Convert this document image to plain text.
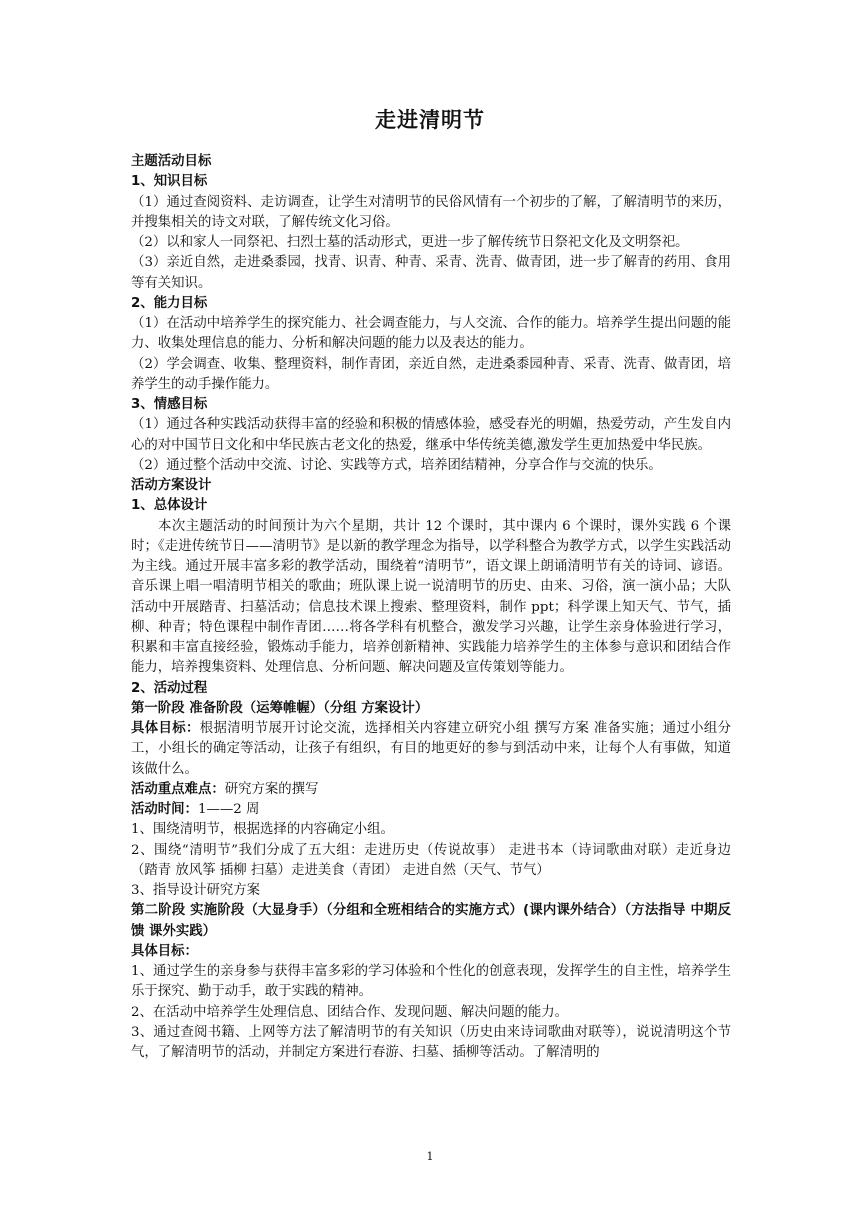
走进清明节

主题活动目标

1、知识目标

（1）通过查阅资料、走访调查，让学生对清明节的民俗风情有一个初步的了解，了解清明节的来历，并搜集相关的诗文对联，了解传统文化习俗。

（2）以和家人一同祭祀、扫烈士墓的活动形式，更进一步了解传统节日祭祀文化及文明祭祀。

（3）亲近自然，走进桑黍园，找青、识青、种青、采青、洗青、做青团，进一步了解青的药用、食用等有关知识。

2、能力目标

（1）在活动中培养学生的探究能力、社会调查能力，与人交流、合作的能力。培养学生提出问题的能力、收集处理信息的能力、分析和解决问题的能力以及表达的能力。

（2）学会调查、收集、整理资料，制作青团，亲近自然，走进桑黍园种青、采青、洗青、做青团，培养学生的动手操作能力。

3、情感目标

（1）通过各种实践活动获得丰富的经验和积极的情感体验，感受春光的明媚，热爱劳动，产生发自内心的对中国节日文化和中华民族古老文化的热爱，继承中华传统美德,激发学生更加热爱中华民族。

（2）通过整个活动中交流、讨论、实践等方式，培养团结精神，分享合作与交流的快乐。

活动方案设计

1、总体设计

本次主题活动的时间预计为六个星期，共计 12 个课时，其中课内 6 个课时，课外实践 6 个课时；《走进传统节日——清明节》是以新的教学理念为指导，以学科整合为教学方式，以学生实践活动为主线。通过开展丰富多彩的教学活动，围绕着“清明节”，语文课上朗诵清明节有关的诗词、谚语。音乐课上唱一唱清明节相关的歌曲；班队课上说一说清明节的历史、由来、习俗，演一演小品；大队活动中开展踏青、扫墓活动；信息技术课上搜索、整理资料，制作 ppt；科学课上知天气、节气，插柳、种青；特色课程中制作青团……将各学科有机整合，激发学习兴趣，让学生亲身体验进行学习，积累和丰富直接经验，锻炼动手能力，培养创新精神、实践能力培养学生的主体参与意识和团结合作能力，培养搜集资料、处理信息、分析问题、解决问题及宣传策划等能力。

2、活动过程

第一阶段 准备阶段（运筹帷幄）（分组 方案设计）

具体目标：根据清明节展开讨论交流，选择相关内容建立研究小组 撰写方案 准备实施；通过小组分工，小组长的确定等活动，让孩子有组织，有目的地更好的参与到活动中来，让每个人有事做，知道该做什么。

活动重点难点：研究方案的撰写

活动时间：1——2 周

1、围绕清明节，根据选择的内容确定小组。

2、围绕“清明节”我们分成了五大组：走进历史（传说故事） 走进书本（诗词歌曲对联）走近身边（踏青 放风筝 插柳 扫墓）走进美食（青团） 走进自然（天气、节气）

3、指导设计研究方案

第二阶段 实施阶段（大显身手）（分组和全班相结合的实施方式）(课内课外结合）（方法指导 中期反馈 课外实践）

具体目标：

1、通过学生的亲身参与获得丰富多彩的学习体验和个性化的创意表现，发挥学生的自主性，培养学生乐于探究、勤于动手，敢于实践的精神。

2、在活动中培养学生处理信息、团结合作、发现问题、解决问题的能力。

3、通过查阅书籍、上网等方法了解清明节的有关知识（历史由来诗词歌曲对联等），说说清明这个节气，了解清明节的活动，并制定方案进行春游、扫墓、插柳等活动。了解清明的

1
